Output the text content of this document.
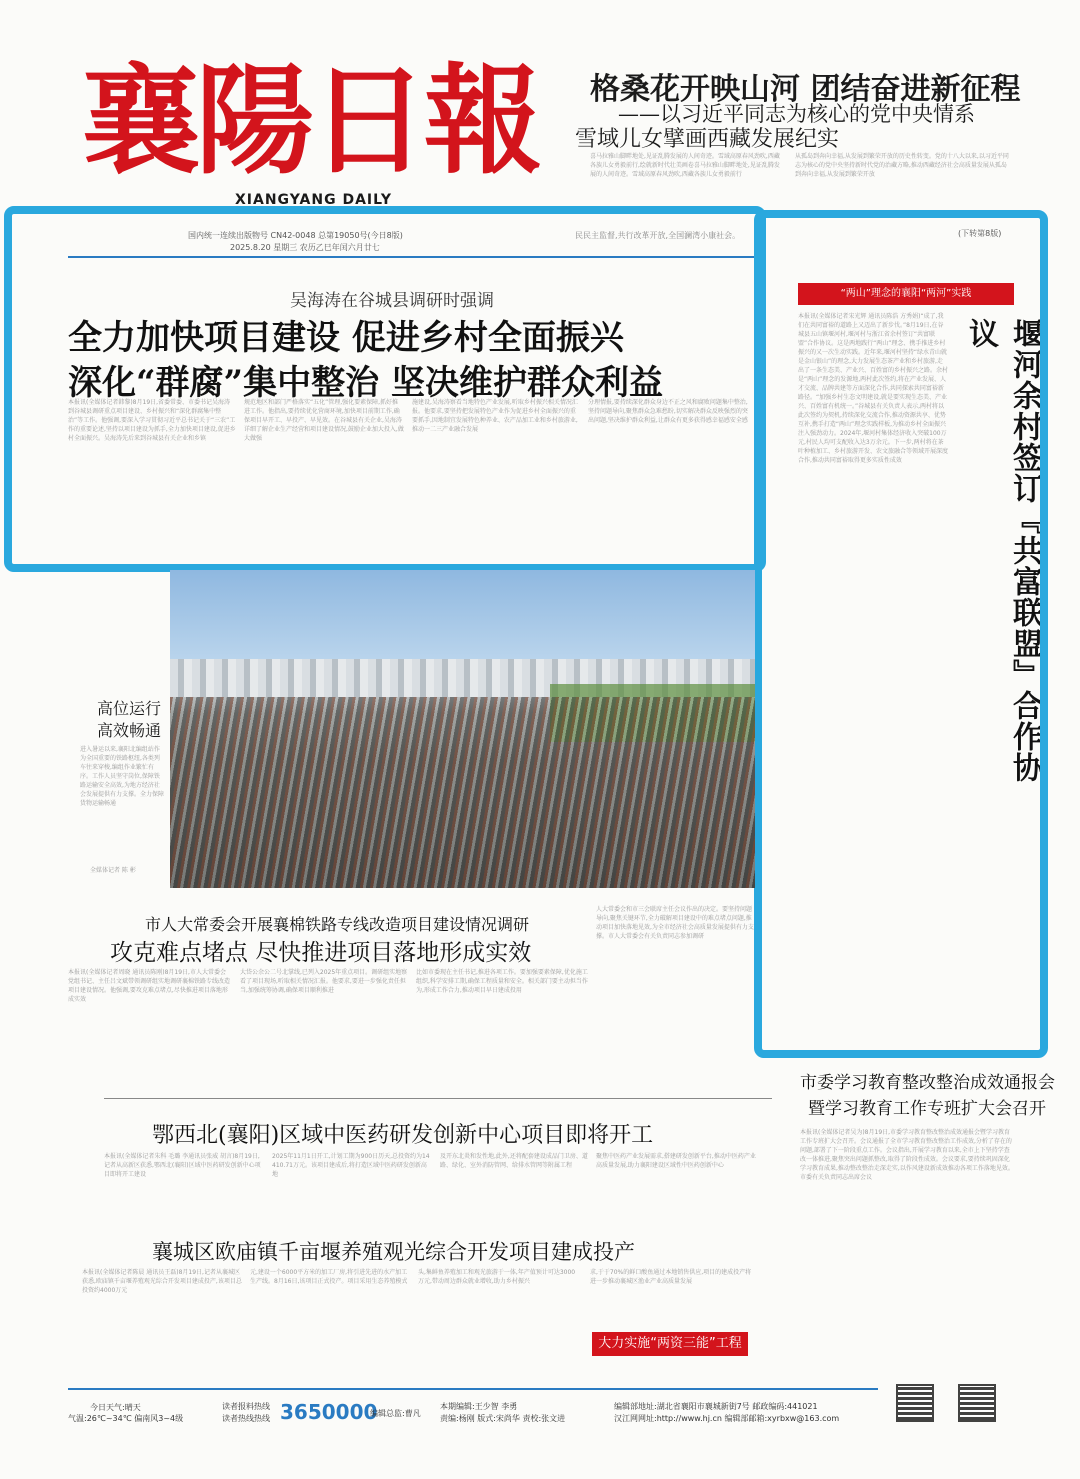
襄陽日報
XIANGYANG DAILY
格桑花开映山河 团结奋进新征程
——以习近平同志为核心的党中央情系
雪域儿女擘画西藏发展纪实
喜马拉雅山脚畔地处,见证乱腾发展的人间奇迹。雪域高原春风劲吹,西藏各族儿女勇毅前行,绘就新时代壮美画卷喜马拉雅山脚畔地处,见证乱腾发展的人间奇迹。雪域高原春风劲吹,西藏各族儿女勇毅前行
从孤岛到奔向幸福,从发展到繁荣开放的历史性转变。党的十八大以来,以习近平同志为核心的党中央坚持新时代党的治藏方略,推动西藏经济社会高质量发展从孤岛到奔向幸福,从发展到繁荣开放
国内统一连续出版物号 CN42-0048 总第19050号(今日8版)
2025.8.20 星期三 农历乙巳年闰六月廿七
民民主监督,共行改革开放,全国澜湾小康社会。	(下转第8版)
吴海涛在谷城县调研时强调
全力加快项目建设 促进乡村全面振兴
深化“群腐”集中整治 坚决维护群众利益
本报讯(全媒体记者韩黎)8月19日,省委常委、市委书记吴海涛到谷城县调研重点项目建设、乡村振兴和“深化群腐集中整治”等工作。他强调,要深入学习贯彻习近平总书记关于“三农”工作的重要论述,坚持以项目建设为抓手,全力加快项目建设,促进乡村全面振兴。吴海涛先后来到谷城县有关企业和乡镇
规范地区和部门严格落实“五化”管理,强化要素保障,抓好推进工作。他指出,要持续优化营商环境,加快项目前期工作,确保项目早开工、早投产、早见效。在谷城县有关企业,吴海涛详细了解企业生产经营和项目建设情况,鼓励企业加大投入,做大做强
施建设,吴海涛察看当地特色产业发展,听取乡村振兴相关情况汇报。他要求,要坚持把发展特色产业作为促进乡村全面振兴的重要抓手,因地制宜发展特色种养业、农产品加工业和乡村旅游业,推动一二三产业融合发展
分理情报,要持续深化群众身边不正之风和腐败问题集中整治,坚持问题导向,聚焦群众急难愁盼,切实解决群众反映强烈的突出问题,坚决维护群众利益,让群众有更多获得感幸福感安全感
“两山”理念的襄阳“两河”实践
堰河余村签订『共富联盟』合作协议
本报讯(全媒体记者宋光辉 通讯员陈浩 方秀娟)“成了,我们在共同富裕的道路上又迈出了新步伐。”8月19日,在谷城县五山镇堰河村,堰河村与浙江省余村签订“共富联盟”合作协议。这是两地践行“两山”理念、携手推进乡村振兴的又一次生动实践。近年来,堰河村坚持“绿水青山就是金山银山”的理念,大力发展生态茶产业和乡村旅游,走出了一条生态美、产业兴、百姓富的乡村振兴之路。余村是“两山”理念的发源地,两村此次签约,将在产业发展、人才交流、品牌共建等方面深化合作,共同探索共同富裕新路径。“加强乡村生态文明建设,就是要实现生态美、产业兴、百姓富有机统一。”谷城县有关负责人表示,两村将以此次签约为契机,持续深化交流合作,推动资源共享、优势互补,携手打造“两山”理念实践样板,为推动乡村全面振兴注入强劲动力。2024年,堰河村集体经济收入突破100万元,村民人均可支配收入达3万余元。下一步,两村将在茶叶种植加工、乡村旅游开发、农文旅融合等领域开展深度合作,推动共同富裕取得更多实质性成效
高位运行
高效畅通
进入暑运以来,襄阳北编组站作为全国重要的铁路枢纽,各类列车往来穿梭,编组作业繁忙有序。工作人员坚守岗位,保障铁路运输安全高效,为地方经济社会发展提供有力支撑。全力保障货物运输畅通
全媒体记者 陈 彬
市人大常委会开展襄棉铁路专线改造项目建设情况调研
攻克难点堵点 尽快推进项目落地形成实效
本报讯(全媒体记者周晓 通讯员陈刚)8月19日,市人大常委会党组书记、主任吕文斌带领调研组实地调研襄棉铁路专线改造项目建设情况。他强调,要攻克难点堵点,尽快推进项目落地形成实效
大岱公余公二号北掌线,已列入2025年重点项目。调研组实地察看了项目现场,听取相关情况汇报。他要求,要进一步强化责任担当,加强统筹协调,确保项目顺利推进
比如市委现在主任书记,推进各项工作。要加强要素保障,优化施工组织,科学安排工期,确保工程质量和安全。相关部门要主动担当作为,形成工作合力,推动项目早日建成投用
人大常委会和市三会联席主任会议作出的决定。要坚持问题导向,聚焦关键环节,全力破解项目建设中的难点堵点问题,推动项目加快落地见效,为全市经济社会高质量发展提供有力支撑。市人大常委会有关负责同志参加调研
市委学习教育整改整治成效通报会
暨学习教育工作专班扩大会召开
本报讯(全媒体记者吴为)8月19日,市委学习教育整改整治成效通报会暨学习教育工作专班扩大会召开。会议通报了全市学习教育整改整治工作成效,分析了存在的问题,部署了下一阶段重点工作。会议指出,开展学习教育以来,全市上下坚持学查改一体推进,聚焦突出问题抓整改,取得了阶段性成效。会议要求,要持续巩固深化学习教育成果,推动整改整治走深走实,以作风建设新成效推动各项工作落地见效。市委有关负责同志出席会议
鄂西北(襄阳)区域中医药研发创新中心项目即将开工
本报讯(全媒体记者朱科 毛璐 李通讯员张威 胡言)8月19日,记者从高新区获悉,鄂西北(襄阳)区域中医药研发创新中心项目即将开工建设
2025年11月1日开工,计划工期为900日历天,总投资约为14410.71万元。该项目建成后,将打造区域中医药研发创新高地
及开东北炎和发性地,此外,还将配套建设成品门卫房、道路、绿化、室外消防管网、给排水管网等附属工程
聚焦中医药产业发展需求,搭建研发创新平台,推动中医药产业高质量发展,助力襄阳建设区域性中医药创新中心
襄城区欧庙镇千亩堰养殖观光综合开发项目建成投产
本报讯(全媒体记者陈晨 通讯员王磊)8月19日,记者从襄城区获悉,欧庙镇千亩堰养殖观光综合开发项目建成投产,该项目总投资约4000万元
元,建设一个6000平方米的加工厂房,将引进先进的水产加工生产线。8月16日,该项目正式投产。项目采用生态养殖模式
头,集鲜鱼养殖加工和观光旅游于一体,年产值预计可达3000万元,带动周边群众就业增收,助力乡村振兴
求,于于70%的鲜口酸鱼通过本地销售供应,项目的建成投产将进一步推动襄城区渔业产业高质量发展
大力实施“两资三能”工程
今日天气:晴天
气温:26℃~34℃ 偏南风3~4级
读者报料热线
读者热线热线 3650000
编辑总监:曹凡
本期编辑:王少智 李勇
责编:杨刚 版式:宋尚华 责校:张文进
编辑部地址:湖北省襄阳市襄城新街7号 邮政编码:441021
汉江网网址:http://www.hj.cn 编辑部邮箱:xyrbxw@163.com
